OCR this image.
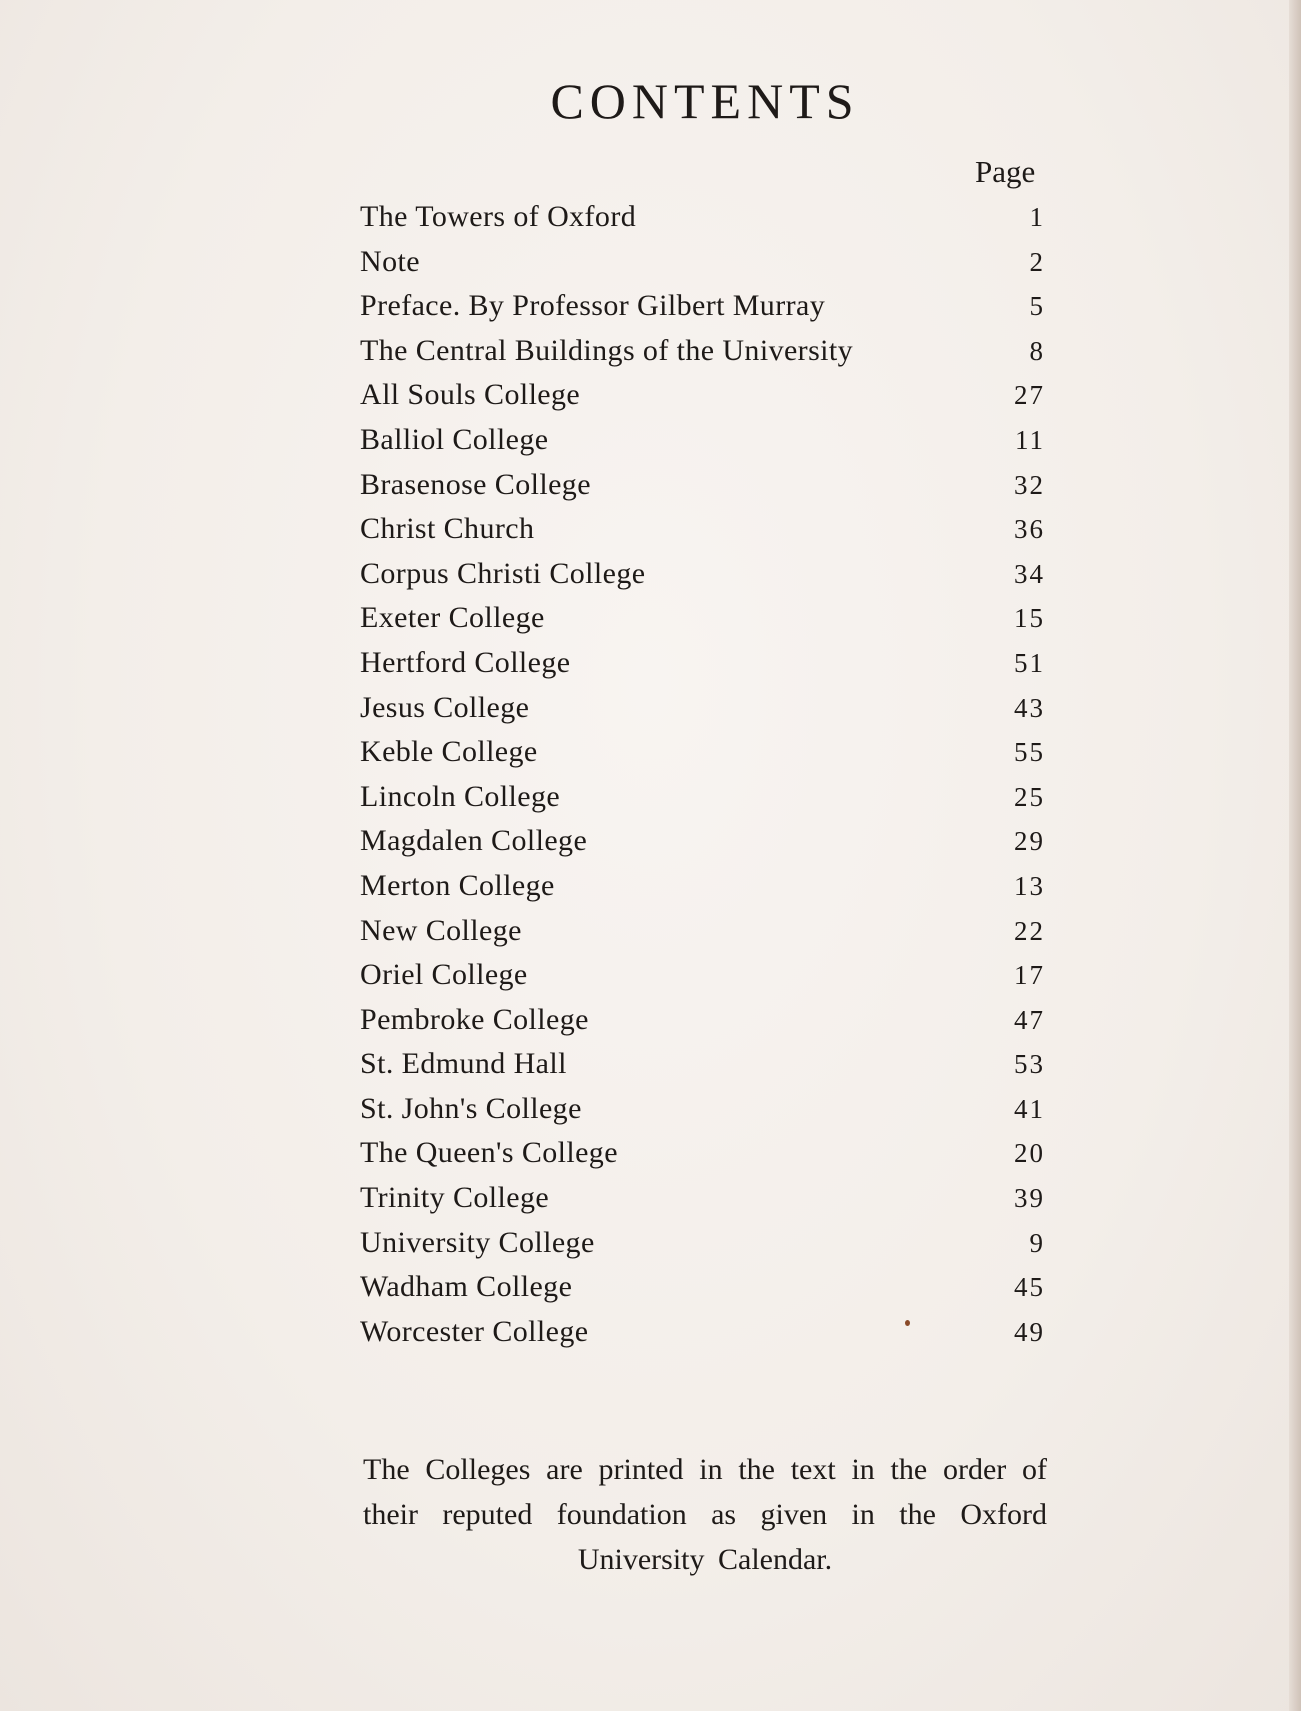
CONTENTS
Page
The Towers of Oxford	1
Note	2
Preface. By Professor Gilbert Murray	5
The Central Buildings of the University	8
All Souls College	27
Balliol College	11
Brasenose College	32
Christ Church	36
Corpus Christi College	34
Exeter College	15
Hertford College	51
Jesus College	43
Keble College	55
Lincoln College	25
Magdalen College	29
Merton College	13
New College	22
Oriel College	17
Pembroke College	47
St. Edmund Hall	53
St. John's College	41
The Queen's College	20
Trinity College	39
University College	9
Wadham College	45
Worcester College	49

The Colleges are printed in the text in the order of their reputed foundation as given in the Oxford University Calendar.
